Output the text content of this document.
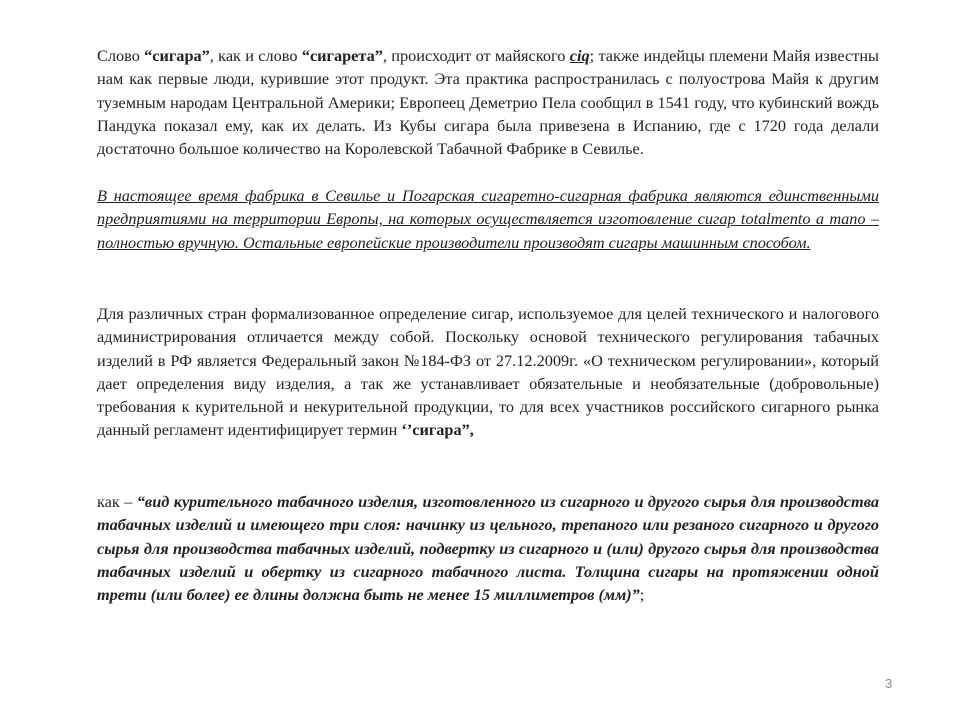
Слово “сигара”, как и слово “сигарета”, происходит от майяского ciq; также индейцы племени Майя известны нам как первые люди, курившие этот продукт. Эта практика распространилась с полуострова Майя к другим туземным народам Центральной Америки; Европеец Деметрио Пела сообщил в 1541 году, что кубинский вождь Пандука показал ему, как их делать. Из Кубы сигара была привезена в Испанию, где с 1720 года делали достаточно большое количество на Королевской Табачной Фабрике в Севилье.

В настоящее время фабрика в Севилье и Погарская сигаретно-сигарная фабрика являются единственными предприятиями на территории Европы, на которых осуществляется изготовление сигар totalmento a mano – полностью вручную. Остальные европейские производители производят сигары машинным способом.

Для различных стран формализованное определение сигар, используемое для целей технического и налогового администрирования отличается между собой. Поскольку основой технического регулирования табачных изделий в РФ является Федеральный закон №184-ФЗ от 27.12.2009г. «О техническом регулировании», который дает определения виду изделия, а так же устанавливает обязательные и необязательные (добровольные) требования к курительной и некурительной продукции, то для всех участников российского сигарного рынка данный регламент идентифицирует термин ‘’сигара”,

как – “вид курительного табачного изделия, изготовленного из сигарного и другого сырья для производства табачных изделий и имеющего три слоя: начинку из цельного, трепаного или резаного сигарного и другого сырья для производства табачных изделий, подвертку из сигарного и (или) другого сырья для производства табачных изделий и обертку из сигарного табачного листа. Толщина сигары на протяжении одной трети (или более) ее длины должна быть не менее 15 миллиметров (мм)”;

3
